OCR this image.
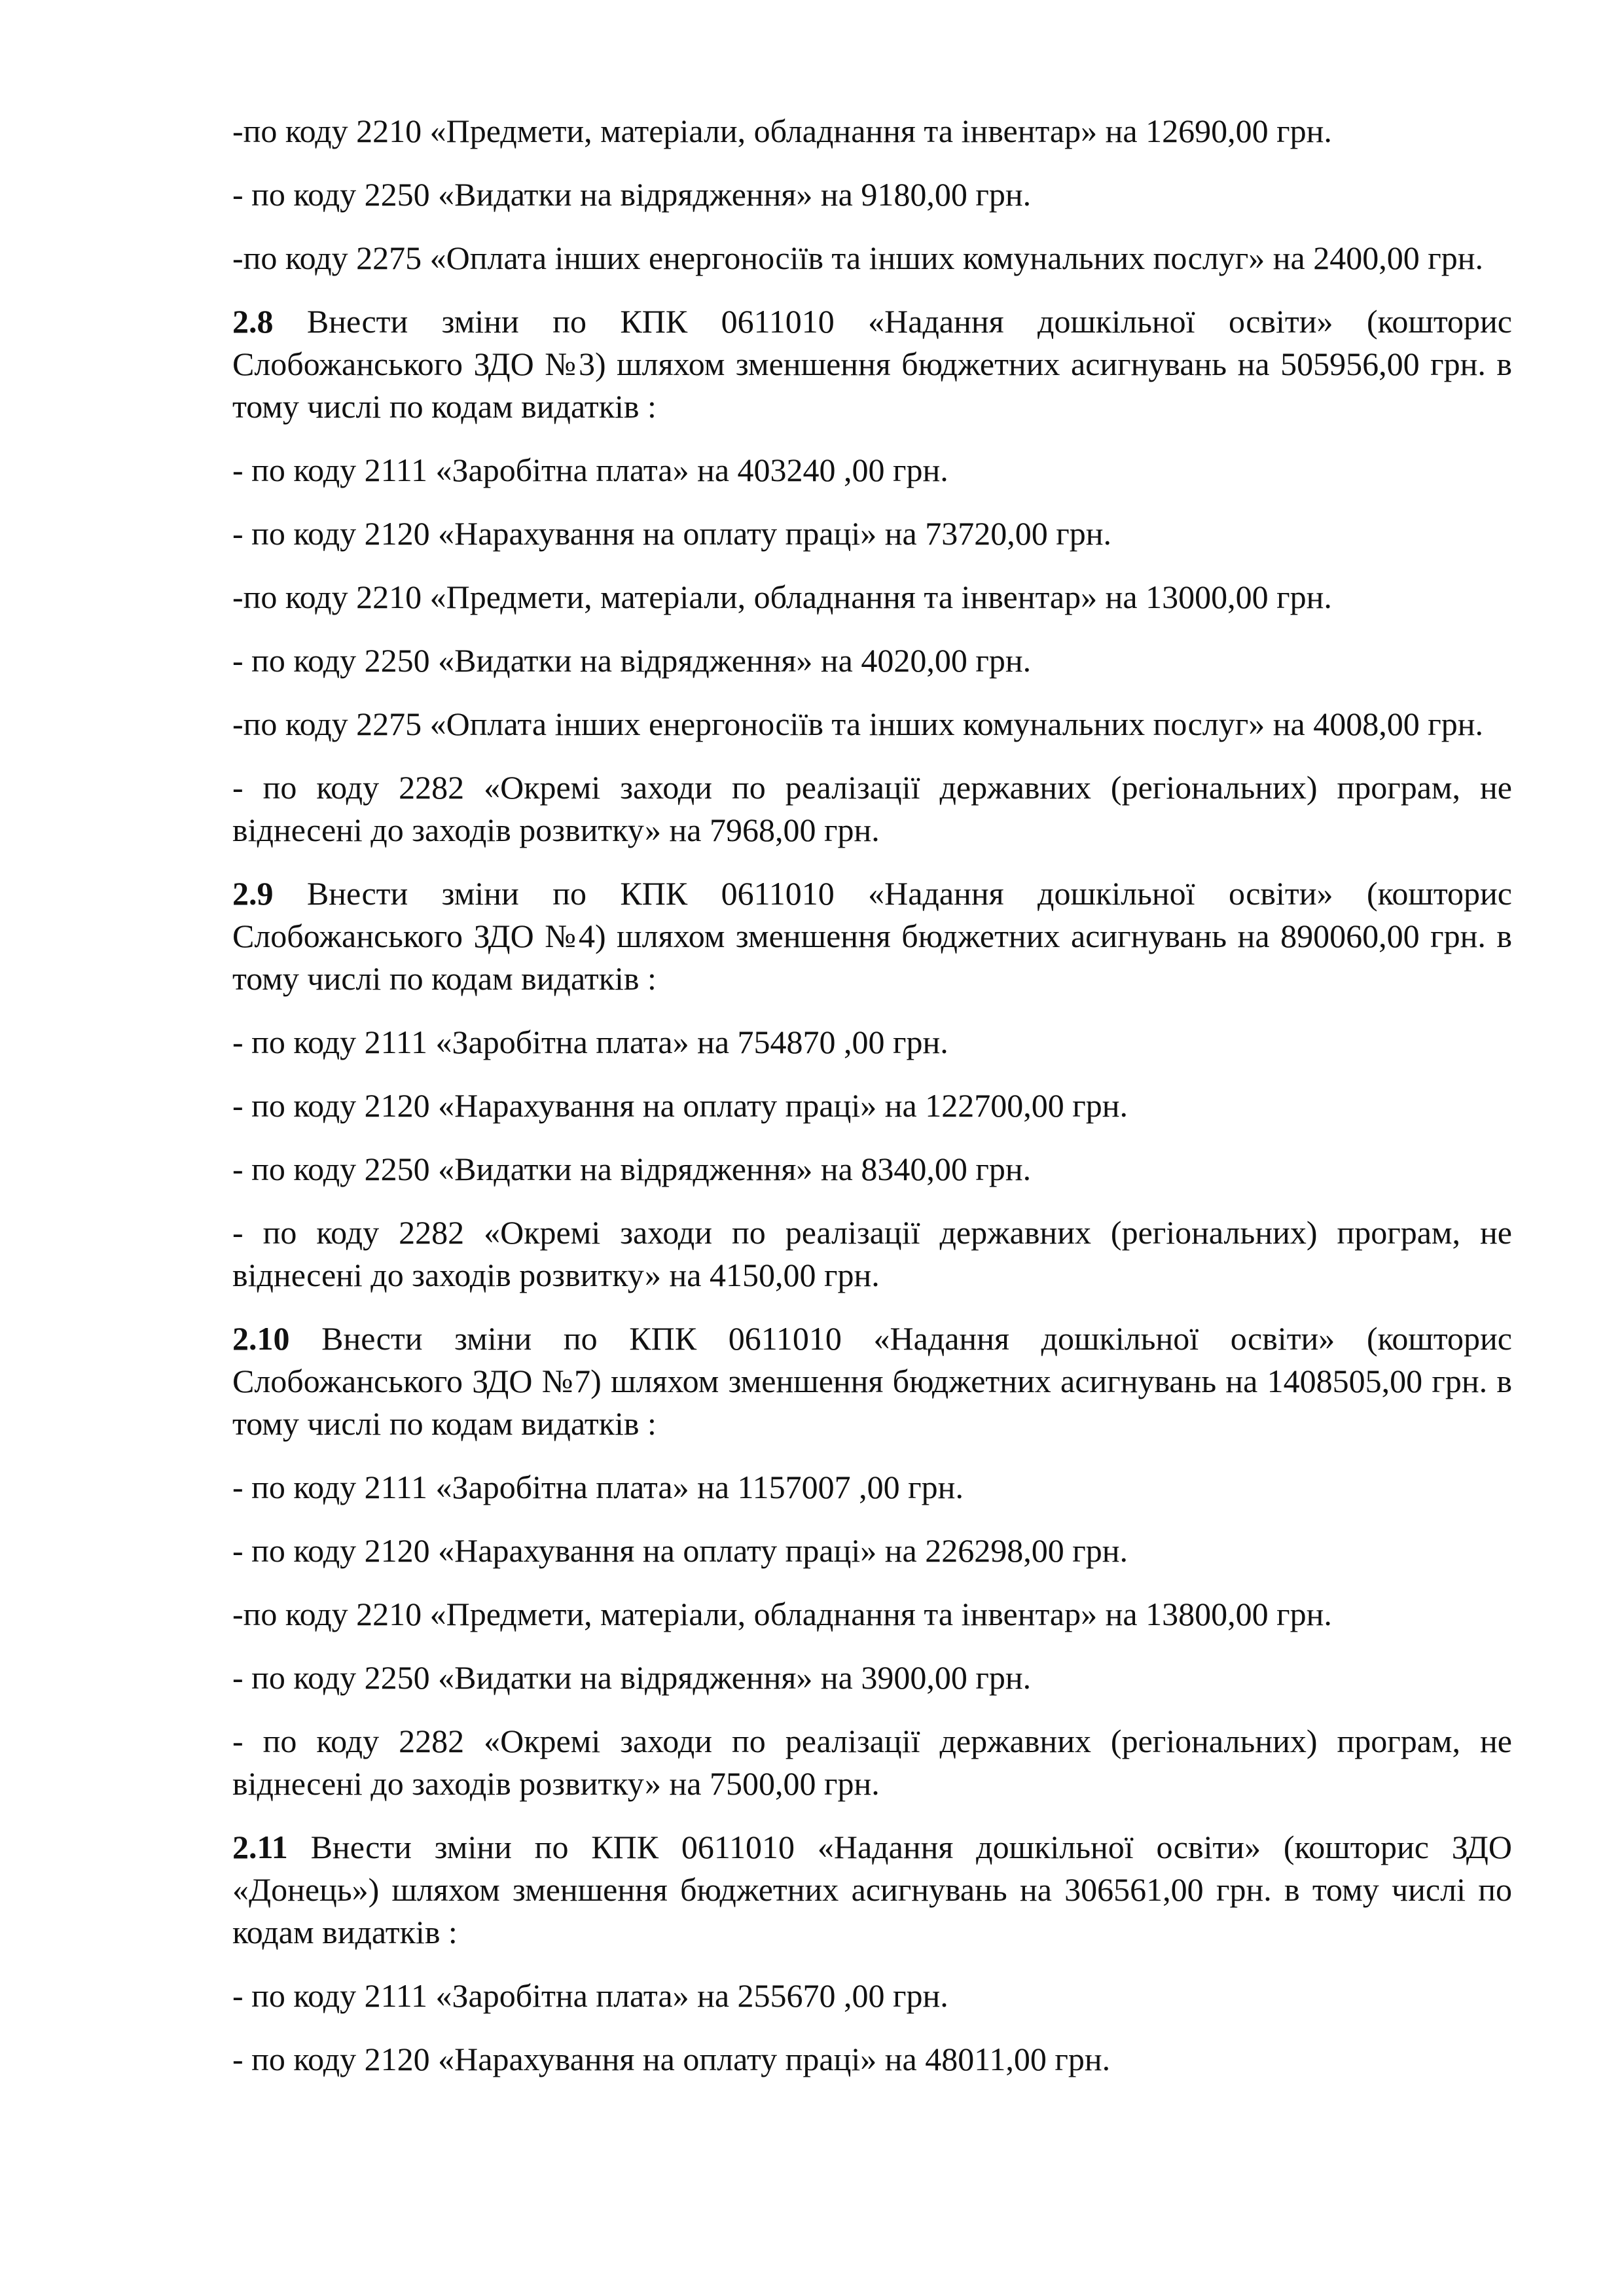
-по коду 2210 «Предмети, матеріали, обладнання та інвентар» на 12690,00 грн.

- по коду 2250 «Видатки на відрядження» на 9180,00 грн.

-по коду 2275 «Оплата інших енергоносіїв та інших комунальних послуг» на 2400,00 грн.

2.8 Внести зміни по КПК 0611010 «Надання дошкільної освіти» (кошторис Слобожанського ЗДО №3) шляхом зменшення бюджетних асигнувань на 505956,00 грн. в тому числі по кодам видатків :

- по коду 2111 «Заробітна плата» на 403240 ,00 грн.

- по коду 2120 «Нарахування на оплату праці» на 73720,00 грн.

-по коду 2210 «Предмети, матеріали, обладнання та інвентар» на 13000,00 грн.

- по коду 2250 «Видатки на відрядження» на 4020,00 грн.

-по коду 2275 «Оплата інших енергоносіїв та інших комунальних послуг» на 4008,00 грн.

- по коду 2282 «Окремі заходи по реалізації державних (регіональних) програм, не віднесені до заходів розвитку» на 7968,00 грн.

2.9 Внести зміни по КПК 0611010 «Надання дошкільної освіти» (кошторис Слобожанського ЗДО №4) шляхом зменшення бюджетних асигнувань на 890060,00 грн. в тому числі по кодам видатків :

- по коду 2111 «Заробітна плата» на 754870 ,00 грн.

- по коду 2120 «Нарахування на оплату праці» на 122700,00 грн.

- по коду 2250 «Видатки на відрядження» на 8340,00 грн.

- по коду 2282 «Окремі заходи по реалізації державних (регіональних) програм, не віднесені до заходів розвитку» на 4150,00 грн.

2.10 Внести зміни по КПК 0611010 «Надання дошкільної освіти» (кошторис Слобожанського ЗДО №7) шляхом зменшення бюджетних асигнувань на 1408505,00 грн. в тому числі по кодам видатків :

- по коду 2111 «Заробітна плата» на 1157007 ,00 грн.

- по коду 2120 «Нарахування на оплату праці» на 226298,00 грн.

-по коду 2210 «Предмети, матеріали, обладнання та інвентар» на 13800,00 грн.

- по коду 2250 «Видатки на відрядження» на 3900,00 грн.

- по коду 2282 «Окремі заходи по реалізації державних (регіональних) програм, не віднесені до заходів розвитку» на 7500,00 грн.

2.11 Внести зміни по КПК 0611010 «Надання дошкільної освіти» (кошторис ЗДО «Донець») шляхом зменшення бюджетних асигнувань на 306561,00 грн. в тому числі по кодам видатків :

- по коду 2111 «Заробітна плата» на 255670 ,00 грн.

- по коду 2120 «Нарахування на оплату праці» на 48011,00 грн.
